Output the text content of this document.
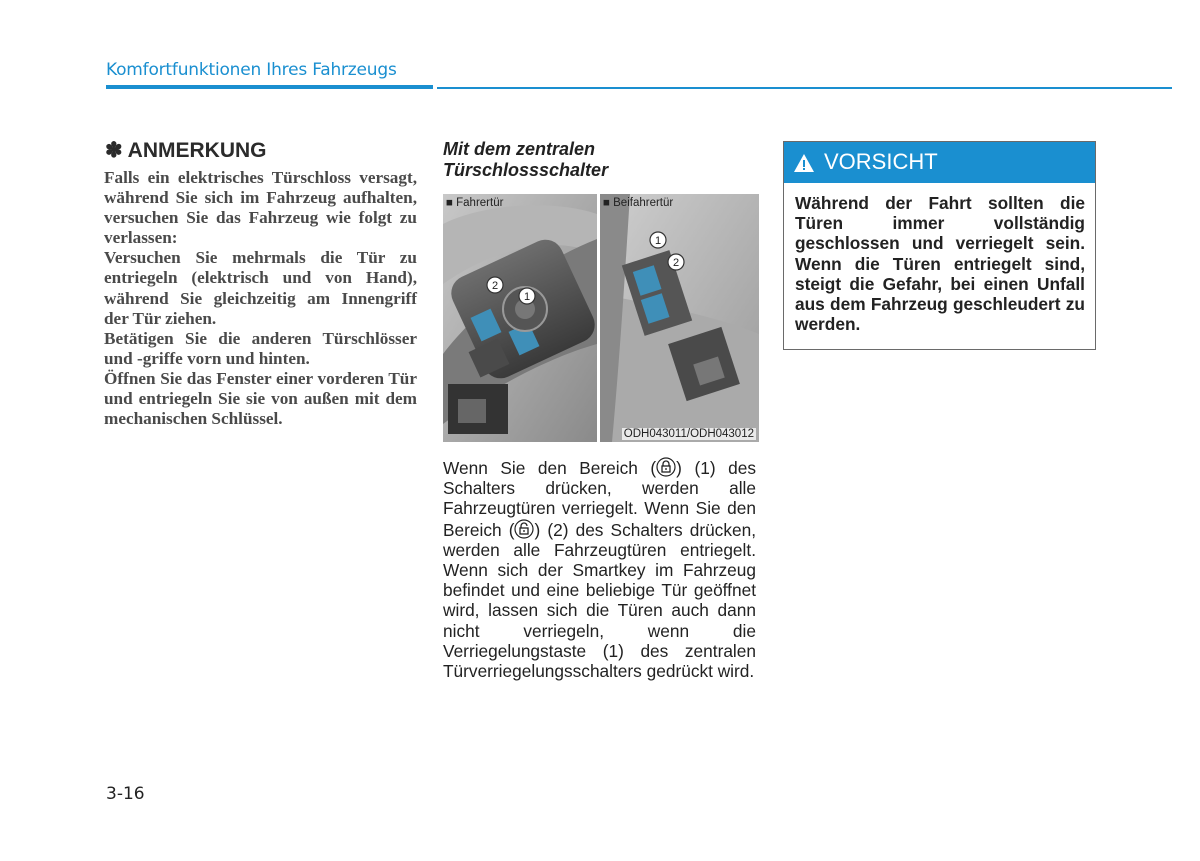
Komfortfunktionen Ihres Fahrzeugs
✽ ANMERKUNG

Falls ein elektrisches Türschloss versagt, während Sie sich im Fahrzeug aufhalten, versuchen Sie das Fahrzeug wie folgt zu verlassen:

Versuchen Sie mehrmals die Tür zu entriegeln (elektrisch und von Hand), während Sie gleichzeitig am Innengriff der Tür ziehen.

Betätigen Sie die anderen Türschlösser und -griffe vorn und hinten.

Öffnen Sie das Fenster einer vorderen Tür und entriegeln Sie sie von außen mit dem mechanischen Schlüssel.

Mit dem zentralen
Türschlossschalter
2
1
■ Fahrertür
1
2
■ Beifahrertür
ODH043011/ODH043012
Wenn Sie den Bereich ( ) (1) des Schalters drücken, werden alle Fahrzeugtüren verriegelt. Wenn Sie den Bereich ( ) (2) des Schalters drücken, werden alle Fahrzeugtüren entriegelt. Wenn sich der Smartkey im Fahrzeug befindet und eine beliebige Tür geöffnet wird, lassen sich die Türen auch dann nicht verriegeln, wenn die Verriegelungstaste (1) des zentralen Türverriegelungsschalters gedrückt wird.
VORSICHT
Während der Fahrt sollten die Türen immer vollständig geschlossen und verriegelt sein. Wenn die Türen entriegelt sind, steigt die Gefahr, bei einen Unfall aus dem Fahrzeug geschleudert zu werden.
3-16
